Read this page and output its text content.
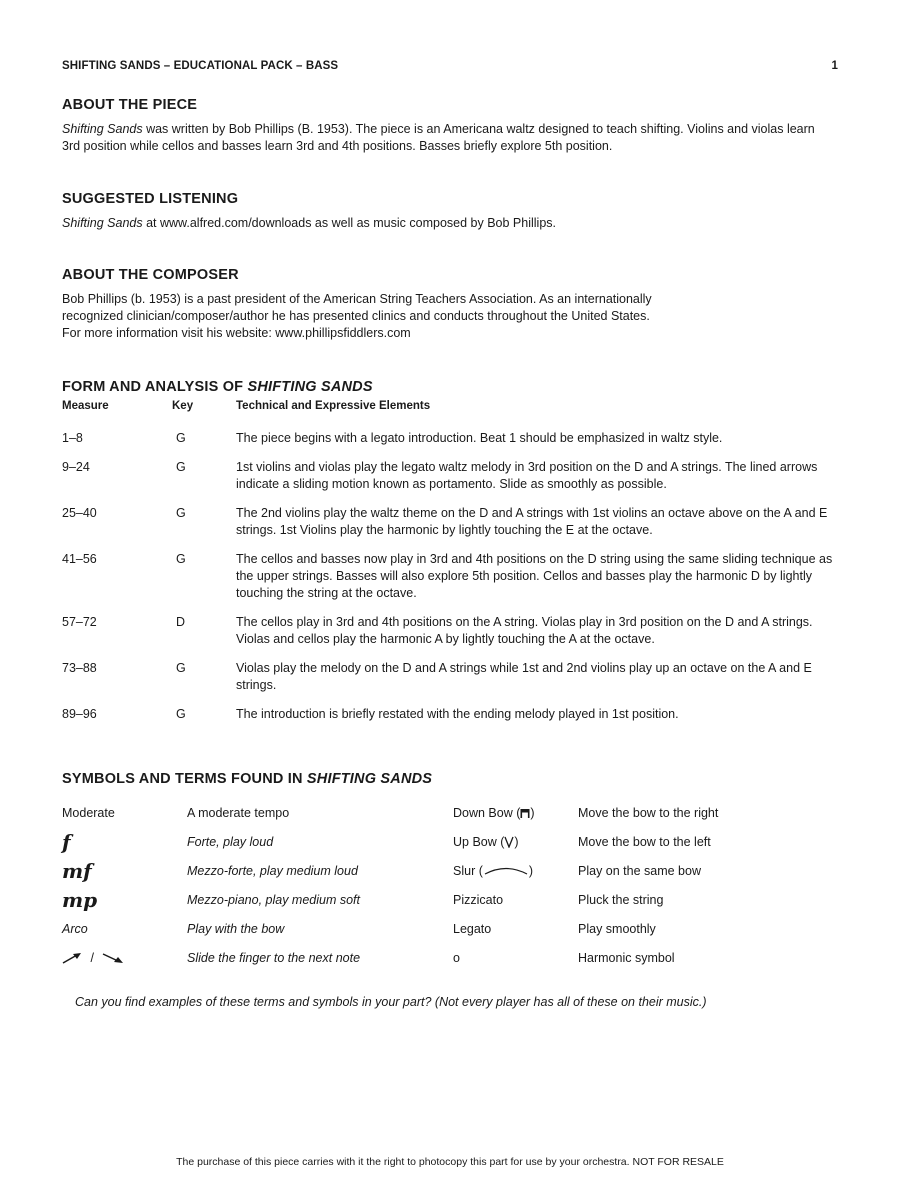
SHIFTING SANDS – EDUCATIONAL PACK – BASS	1
ABOUT THE PIECE

Shifting Sands was written by Bob Phillips (B. 1953). The piece is an Americana waltz designed to teach shifting. Violins and violas learn 3rd position while cellos and basses learn 3rd and 4th positions. Basses briefly explore 5th position.

SUGGESTED LISTENING

Shifting Sands at www.alfred.com/downloads as well as music composed by Bob Phillips.

ABOUT THE COMPOSER

Bob Phillips (b. 1953) is a past president of the American String Teachers Association. As an internationally
recognized clinician/composer/author he has presented clinics and conducts throughout the United States.
For more information visit his website: www.phillipsfiddlers.com

FORM AND ANALYSIS OF SHIFTING SANDS
Measure	Key	Technical and Expressive Elements
1–8	G	The piece begins with a legato introduction. Beat 1 should be emphasized in waltz style.
9–24	G	1st violins and violas play the legato waltz melody in 3rd position on the D and A strings. The lined arrows indicate a sliding motion known as portamento. Slide as smoothly as possible.
25–40	G	The 2nd violins play the waltz theme on the D and A strings with 1st violins an octave above on the A and E strings. 1st Violins play the harmonic by lightly touching the E at the octave.
41–56	G	The cellos and basses now play in 3rd and 4th positions on the D string using the same sliding technique as the upper strings. Basses will also explore 5th position. Cellos and basses play the harmonic D by lightly touching the string at the octave.
57–72	D	The cellos play in 3rd and 4th positions on the A string. Violas play in 3rd position on the D and A strings. Violas and cellos play the harmonic A by lightly touching the A at the octave.
73–88	G	Violas play the melody on the D and A strings while 1st and 2nd violins play up an octave on the A and E strings.
89–96	G	The introduction is briefly restated with the ending melody played in 1st position.
SYMBOLS AND TERMS FOUND IN SHIFTING SANDS
Moderate	A moderate tempo	Down Bow ( )	Move the bow to the right
f	Forte, play loud	Up Bow ( )	Move the bow to the left
mf	Mezzo-forte, play medium loud	Slur (	)	Play on the same bow
mp	Mezzo-piano, play medium soft	Pizzicato	Pluck the string
Arco	Play with the bow	Legato	Play smoothly
/	Slide the finger to the next note	o	Harmonic symbol

Can you find examples of these terms and symbols in your part? (Not every player has all of these on their music.)

The purchase of this piece carries with it the right to photocopy this part for use by your orchestra. NOT FOR RESALE
